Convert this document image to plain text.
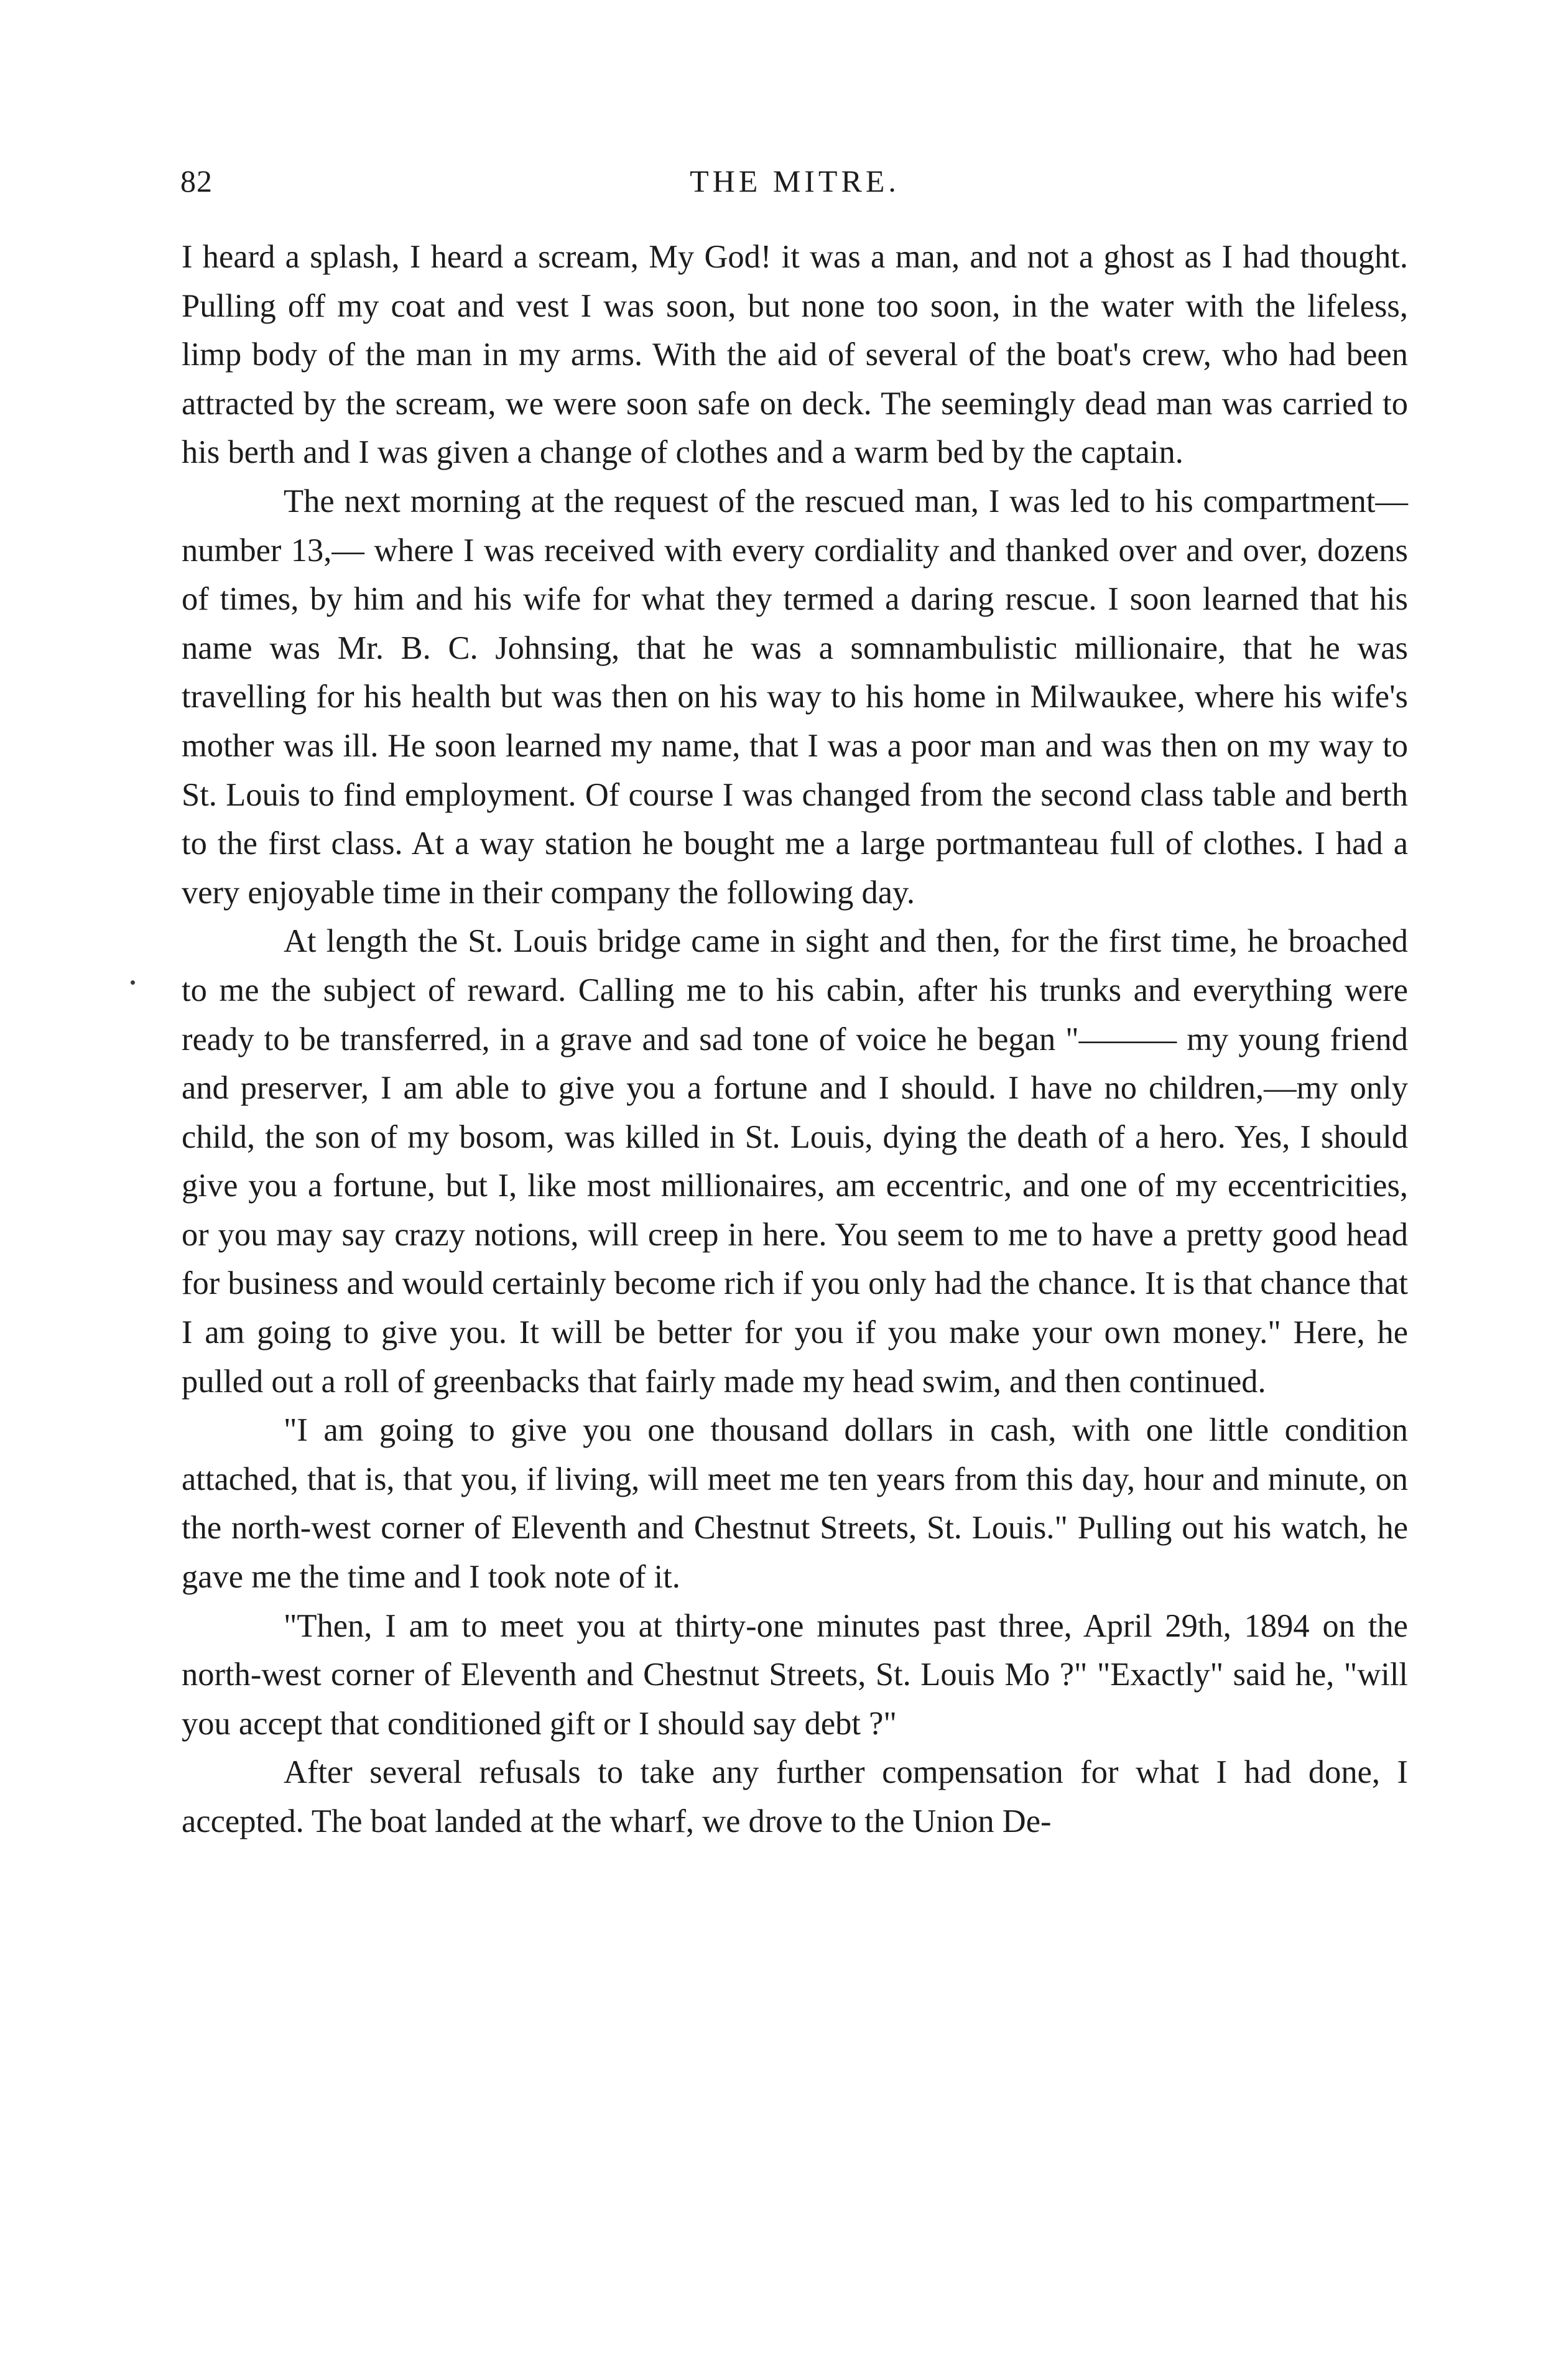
82	THE MITRE.

I heard a splash, I heard a scream, My God! it was a man, and not a ghost as I had thought. Pulling off my coat and vest I was soon, but none too soon, in the water with the lifeless, limp body of the man in my arms. With the aid of several of the boat's crew, who had been attracted by the scream, we were soon safe on deck. The seemingly dead man was carried to his berth and I was given a change of clothes and a warm bed by the captain.

The next morning at the request of the rescued man, I was led to his compartment—number 13,— where I was received with every cordiality and thanked over and over, dozens of times, by him and his wife for what they termed a daring rescue. I soon learned that his name was Mr. B. C. Johnsing, that he was a somnambulistic millionaire, that he was travelling for his health but was then on his way to his home in Milwaukee, where his wife's mother was ill. He soon learned my name, that I was a poor man and was then on my way to St. Louis to find employment. Of course I was changed from the second class table and berth to the first class. At a way station he bought me a large portmanteau full of clothes. I had a very enjoyable time in their company the following day.

At length the St. Louis bridge came in sight and then, for the first time, he broached to me the subject of reward. Calling me to his cabin, after his trunks and everything were ready to be transferred, in a grave and sad tone of voice he began "——— my young friend and preserver, I am able to give you a fortune and I should. I have no children,—my only child, the son of my bosom, was killed in St. Louis, dying the death of a hero. Yes, I should give you a fortune, but I, like most millionaires, am eccentric, and one of my eccentricities, or you may say crazy notions, will creep in here. You seem to me to have a pretty good head for business and would certainly become rich if you only had the chance. It is that chance that I am going to give you. It will be better for you if you make your own money." Here, he pulled out a roll of greenbacks that fairly made my head swim, and then continued.

"I am going to give you one thousand dollars in cash, with one little condition attached, that is, that you, if living, will meet me ten years from this day, hour and minute, on the north-west corner of Eleventh and Chestnut Streets, St. Louis." Pulling out his watch, he gave me the time and I took note of it.

"Then, I am to meet you at thirty-one minutes past three, April 29th, 1894 on the north-west corner of Eleventh and Chestnut Streets, St. Louis Mo ?" "Exactly" said he, "will you accept that conditioned gift or I should say debt ?"

After several refusals to take any further compensation for what I had done, I accepted. The boat landed at the wharf, we drove to the Union De-
